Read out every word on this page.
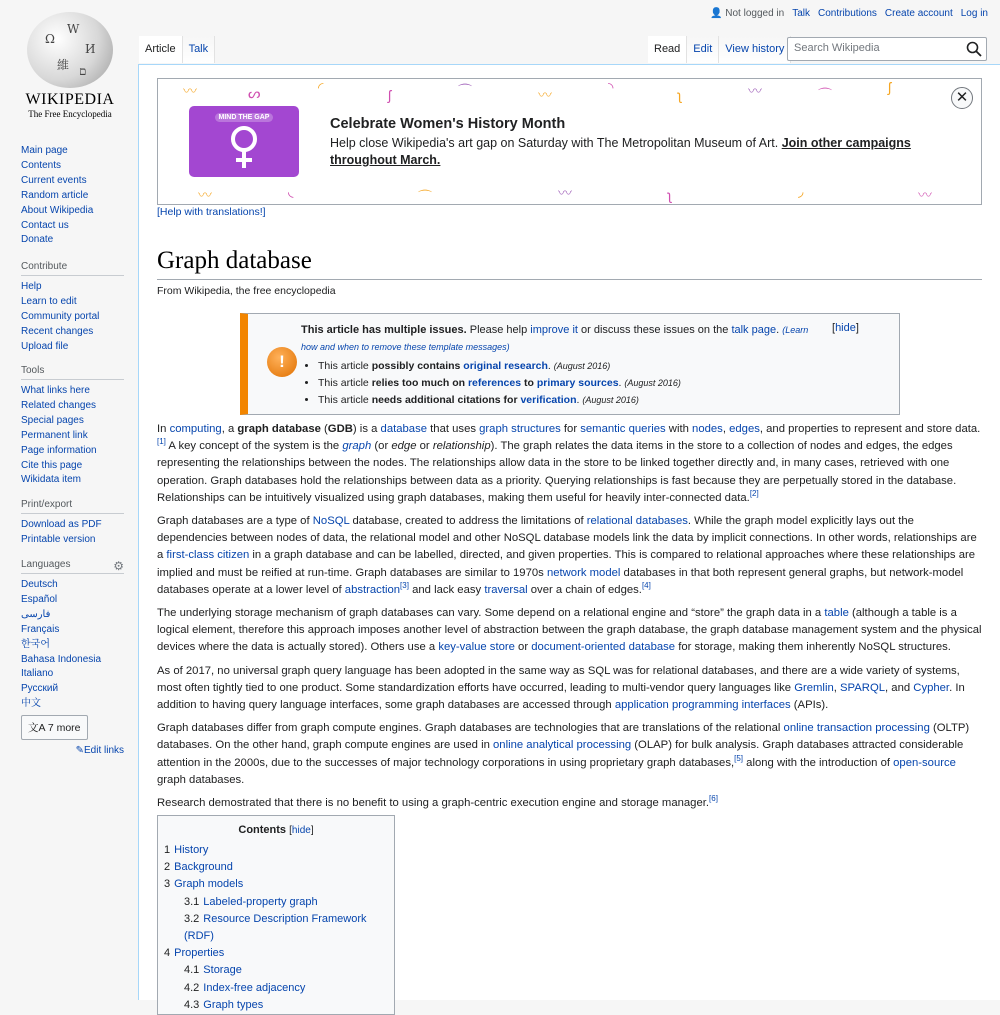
Ω
W
И
維 ם
WIKIPEDIA
The Free Encyclopedia
Main page
Contents
Current events
Random article
About Wikipedia
Contact us
Donate
Contribute
Help
Learn to edit
Community portal
Recent changes
Upload file
Tools
What links here
Related changes
Special pages
Permanent link
Page information
Cite this page
Wikidata item
Print/export
Download as PDF
Printable version
Languages	⚙
Deutsch
Español
فارسی
Français
한국어
Bahasa Indonesia
Italiano
Русский
中文
文A 7 more
✎Edit links
👤 Not logged in Talk Contributions Create account Log in
Article	Talk	Read	Edit	View history Search Wikipedia
〰	ᔕ	◜	ʃ	⌒	〰	◝	ʅ	〰	⌒	ʃ
〰	◟	⌒	〰	ʅ	◞	〰
MIND THE GAP	Celebrate Women's History Month
Help close Wikipedia's art gap on Saturday with The Metropolitan Museum of Art. Join other campaigns throughout March.
✕
[Help with translations!]
Graph database
From Wikipedia, the free encyclopedia
!
This article has multiple issues. Please help improve it or discuss these issues on the talk page. (Learn how and when to remove these template messages)
[hide]
• This article possibly contains original research. (August 2016)
• This article relies too much on references to primary sources. (August 2016)
• This article needs additional citations for verification. (August 2016)

In computing, a graph database (GDB) is a database that uses graph structures for semantic queries with nodes, edges, and properties to represent and store data.[1] A key concept of the system is the graph (or edge or relationship). The graph relates the data items in the store to a collection of nodes and edges, the edges representing the relationships between the nodes. The relationships allow data in the store to be linked together directly and, in many cases, retrieved with one operation. Graph databases hold the relationships between data as a priority. Querying relationships is fast because they are perpetually stored in the database. Relationships can be intuitively visualized using graph databases, making them useful for heavily inter-connected data.[2]

Graph databases are a type of NoSQL database, created to address the limitations of relational databases. While the graph model explicitly lays out the dependencies between nodes of data, the relational model and other NoSQL database models link the data by implicit connections. In other words, relationships are a first-class citizen in a graph database and can be labelled, directed, and given properties. This is compared to relational approaches where these relationships are implied and must be reified at run-time. Graph databases are similar to 1970s network model databases in that both represent general graphs, but network-model databases operate at a lower level of abstraction[3] and lack easy traversal over a chain of edges.[4]

The underlying storage mechanism of graph databases can vary. Some depend on a relational engine and “store” the graph data in a table (although a table is a logical element, therefore this approach imposes another level of abstraction between the graph database, the graph database management system and the physical devices where the data is actually stored). Others use a key-value store or document-oriented database for storage, making them inherently NoSQL structures.

As of 2017, no universal graph query language has been adopted in the same way as SQL was for relational databases, and there are a wide variety of systems, most often tightly tied to one product. Some standardization efforts have occurred, leading to multi-vendor query languages like Gremlin, SPARQL, and Cypher. In addition to having query language interfaces, some graph databases are accessed through application programming interfaces (APIs).

Graph databases differ from graph compute engines. Graph databases are technologies that are translations of the relational online transaction processing (OLTP) databases. On the other hand, graph compute engines are used in online analytical processing (OLAP) for bulk analysis. Graph databases attracted considerable attention in the 2000s, due to the successes of major technology corporations in using proprietary graph databases,[5] along with the introduction of open-source graph databases.

Research demostrated that there is no benefit to using a graph-centric execution engine and storage manager.[6]

Contents [hide]
1 History
2 Background
3 Graph models
3.1 Labeled-property graph
3.2 Resource Description Framework (RDF)
4 Properties
4.1 Storage
4.2 Index-free adjacency
4.3 Graph types
